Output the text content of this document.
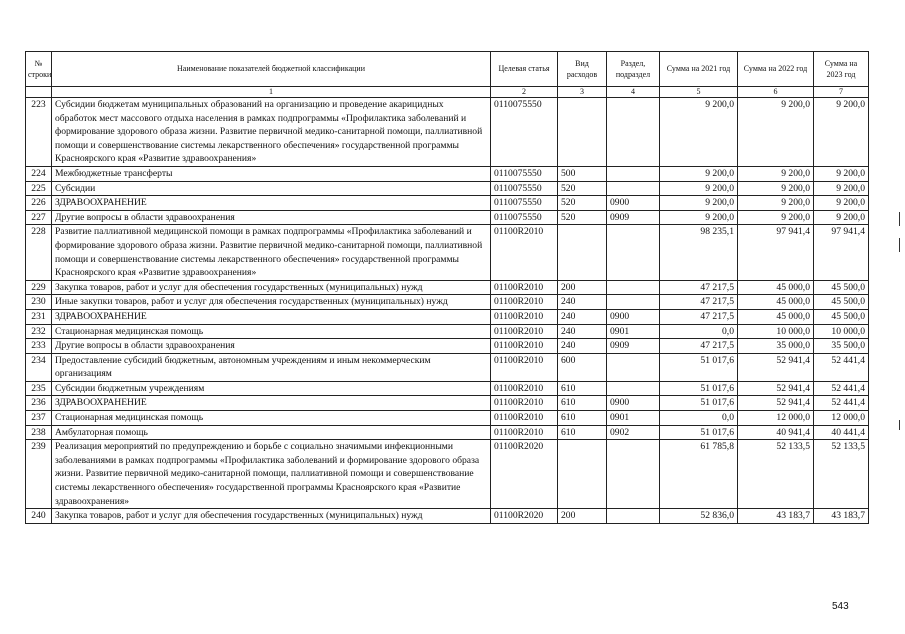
№ строки	Наименование показателей бюджетной классификации	Целевая статья	Вид расходов	Раздел, подраздел	Сумма на 2021 год	Сумма на 2022 год	Сумма на 2023 год
	1	2	3	4	5	6	7
223	Субсидии бюджетам муниципальных образований на организацию и проведение акарицидных обработок мест массового отдыха населения в рамках подпрограммы «Профилактика заболеваний и формирование здорового образа жизни. Развитие первичной медико-санитарной помощи, паллиативной помощи и совершенствование системы лекарственного обеспечения» государственной программы Красноярского края «Развитие здравоохранения»	0110075550			9 200,0	9 200,0	9 200,0
224	Межбюджетные трансферты	0110075550	500		9 200,0	9 200,0	9 200,0
225	Субсидии	0110075550	520		9 200,0	9 200,0	9 200,0
226	ЗДРАВООХРАНЕНИЕ	0110075550	520	0900	9 200,0	9 200,0	9 200,0
227	Другие вопросы в области здравоохранения	0110075550	520	0909	9 200,0	9 200,0	9 200,0
228	Развитие паллиативной медицинской помощи в рамках подпрограммы «Профилактика заболеваний и формирование здорового образа жизни. Развитие первичной медико-санитарной помощи, паллиативной помощи и совершенствование системы лекарственного обеспечения» государственной программы Красноярского края «Развитие здравоохранения»	01100R2010			98 235,1	97 941,4	97 941,4
229	Закупка товаров, работ и услуг для обеспечения государственных (муниципальных) нужд	01100R2010	200		47 217,5	45 000,0	45 500,0
230	Иные закупки товаров, работ и услуг для обеспечения государственных (муниципальных) нужд	01100R2010	240		47 217,5	45 000,0	45 500,0
231	ЗДРАВООХРАНЕНИЕ	01100R2010	240	0900	47 217,5	45 000,0	45 500,0
232	Стационарная медицинская помощь	01100R2010	240	0901	0,0	10 000,0	10 000,0
233	Другие вопросы в области здравоохранения	01100R2010	240	0909	47 217,5	35 000,0	35 500,0
234	Предоставление субсидий бюджетным, автономным учреждениям и иным некоммерческим организациям	01100R2010	600		51 017,6	52 941,4	52 441,4
235	Субсидии бюджетным учреждениям	01100R2010	610		51 017,6	52 941,4	52 441,4
236	ЗДРАВООХРАНЕНИЕ	01100R2010	610	0900	51 017,6	52 941,4	52 441,4
237	Стационарная медицинская помощь	01100R2010	610	0901	0,0	12 000,0	12 000,0
238	Амбулаторная помощь	01100R2010	610	0902	51 017,6	40 941,4	40 441,4
239	Реализация мероприятий по предупреждению и борьбе с социально значимыми инфекционными заболеваниями в рамках подпрограммы «Профилактика заболеваний и формирование здорового образа жизни. Развитие первичной медико-санитарной помощи, паллиативной помощи и совершенствование системы лекарственного обеспечения» государственной программы Красноярского края «Развитие здравоохранения»	01100R2020			61 785,8	52 133,5	52 133,5
240	Закупка товаров, работ и услуг для обеспечения государственных (муниципальных) нужд	01100R2020	200		52 836,0	43 183,7	43 183,7
543
